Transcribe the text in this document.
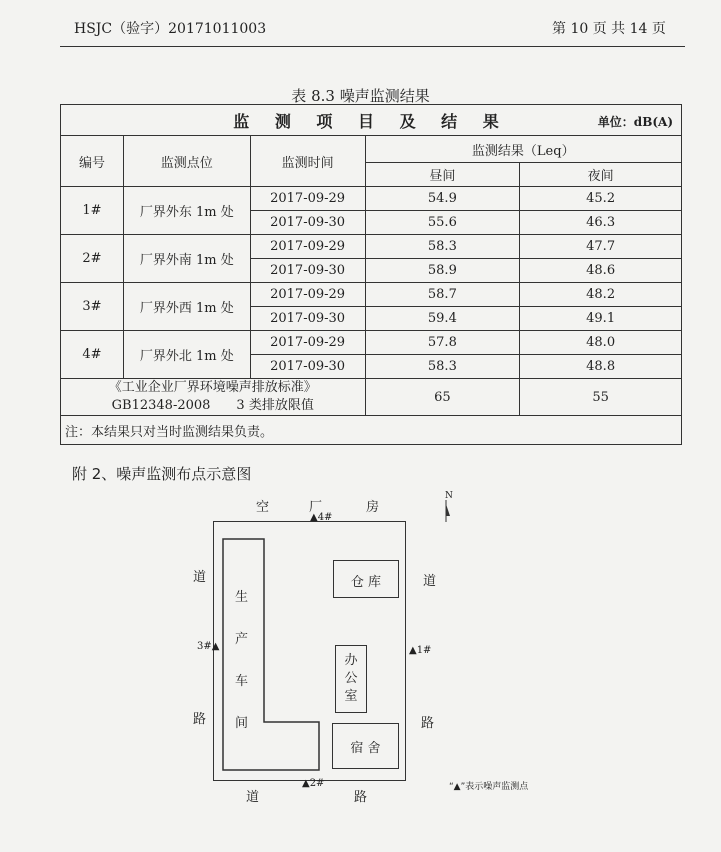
HSJC（验字）20171011003	第 10 页 共 14 页
表 8.3 噪声监测结果
监 测 项 目 及 结 果 单位：dB(A)				

编号	监测点位	监测时间	监测结果（Leq）	
			昼间	夜间
1#	厂界外东 1m 处	2017-09-29	54.9	45.2
		2017-09-30	55.6	46.3
2#	厂界外南 1m 处	2017-09-29	58.3	47.7
		2017-09-30	58.9	48.6
3#	厂界外西 1m 处	2017-09-29	58.7	48.2
		2017-09-30	59.4	49.1
4#	厂界外北 1m 处	2017-09-29	57.8	48.0
		2017-09-30	58.3	48.8

《工业企业厂界环境噪声排放标准》
GB12348-2008　　3 类排放限值			65	55
注：本结果只对当时监测结果负责。				
附 2、噪声监测布点示意图
空	厂	房
N
道
路
道
路
道	路
生
产
车
间
仓 库
办
公
室
宿 舍
▲4#
▲1#
3#▲
▲2#	“▲”表示噪声监测点
